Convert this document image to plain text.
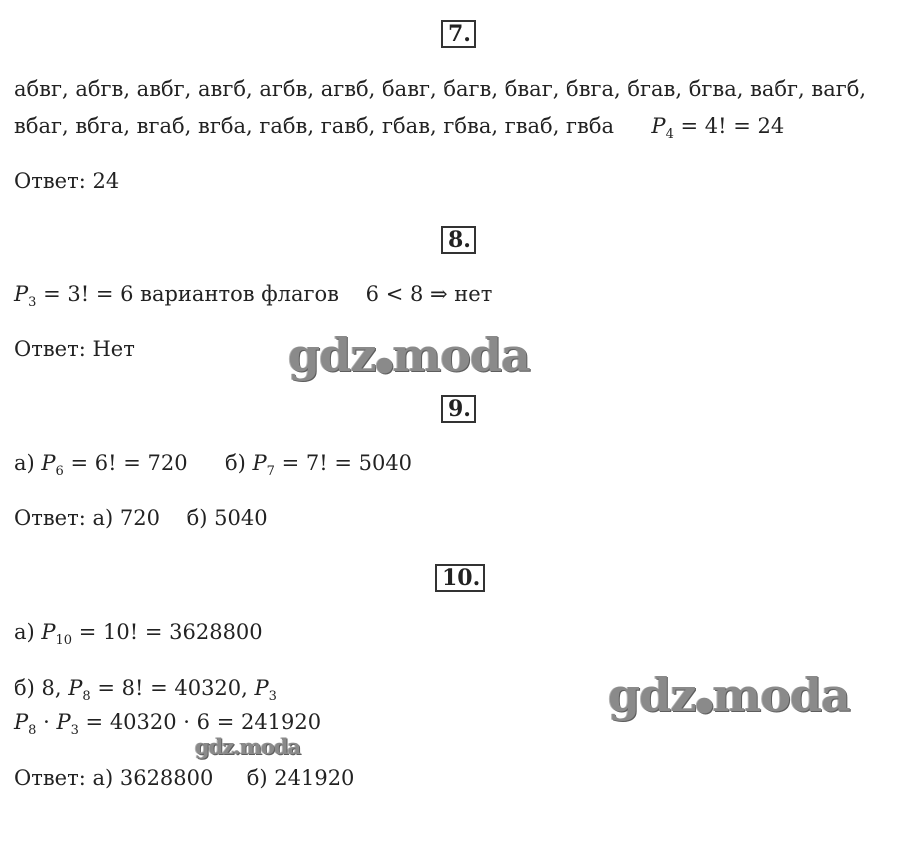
7.
абвг, абгв, авбг, авгб, агбв, агвб, бавг, багв, бваг, бвга, бгав, бгва, вабг, вагб,
вбаг, вбга, вгаб, вгба, габв, гавб, гбав, гбва, гваб, гвба $P_4 = 4$! = 24
Ответ: 24
8.
$P_3 = 3$! = 6 вариантов флагов    6 < 8 ⇒ нет
Ответ: Нет
9.
а) $P_6 = 6$! = 720 б) $P_7 = 7$! = 5040
Ответ: а) 720    б) 5040
10.
а) $P_{10} = 10$! = 3628800
б) 8, $P_8 = 8$! = 40320, $P_3$
$P_8 \cdot P_3 = 40320 \cdot 6 = 241920$
Ответ: а) 3628800     б) 241920
gdz●moda
gdz●moda
gdz.moda
